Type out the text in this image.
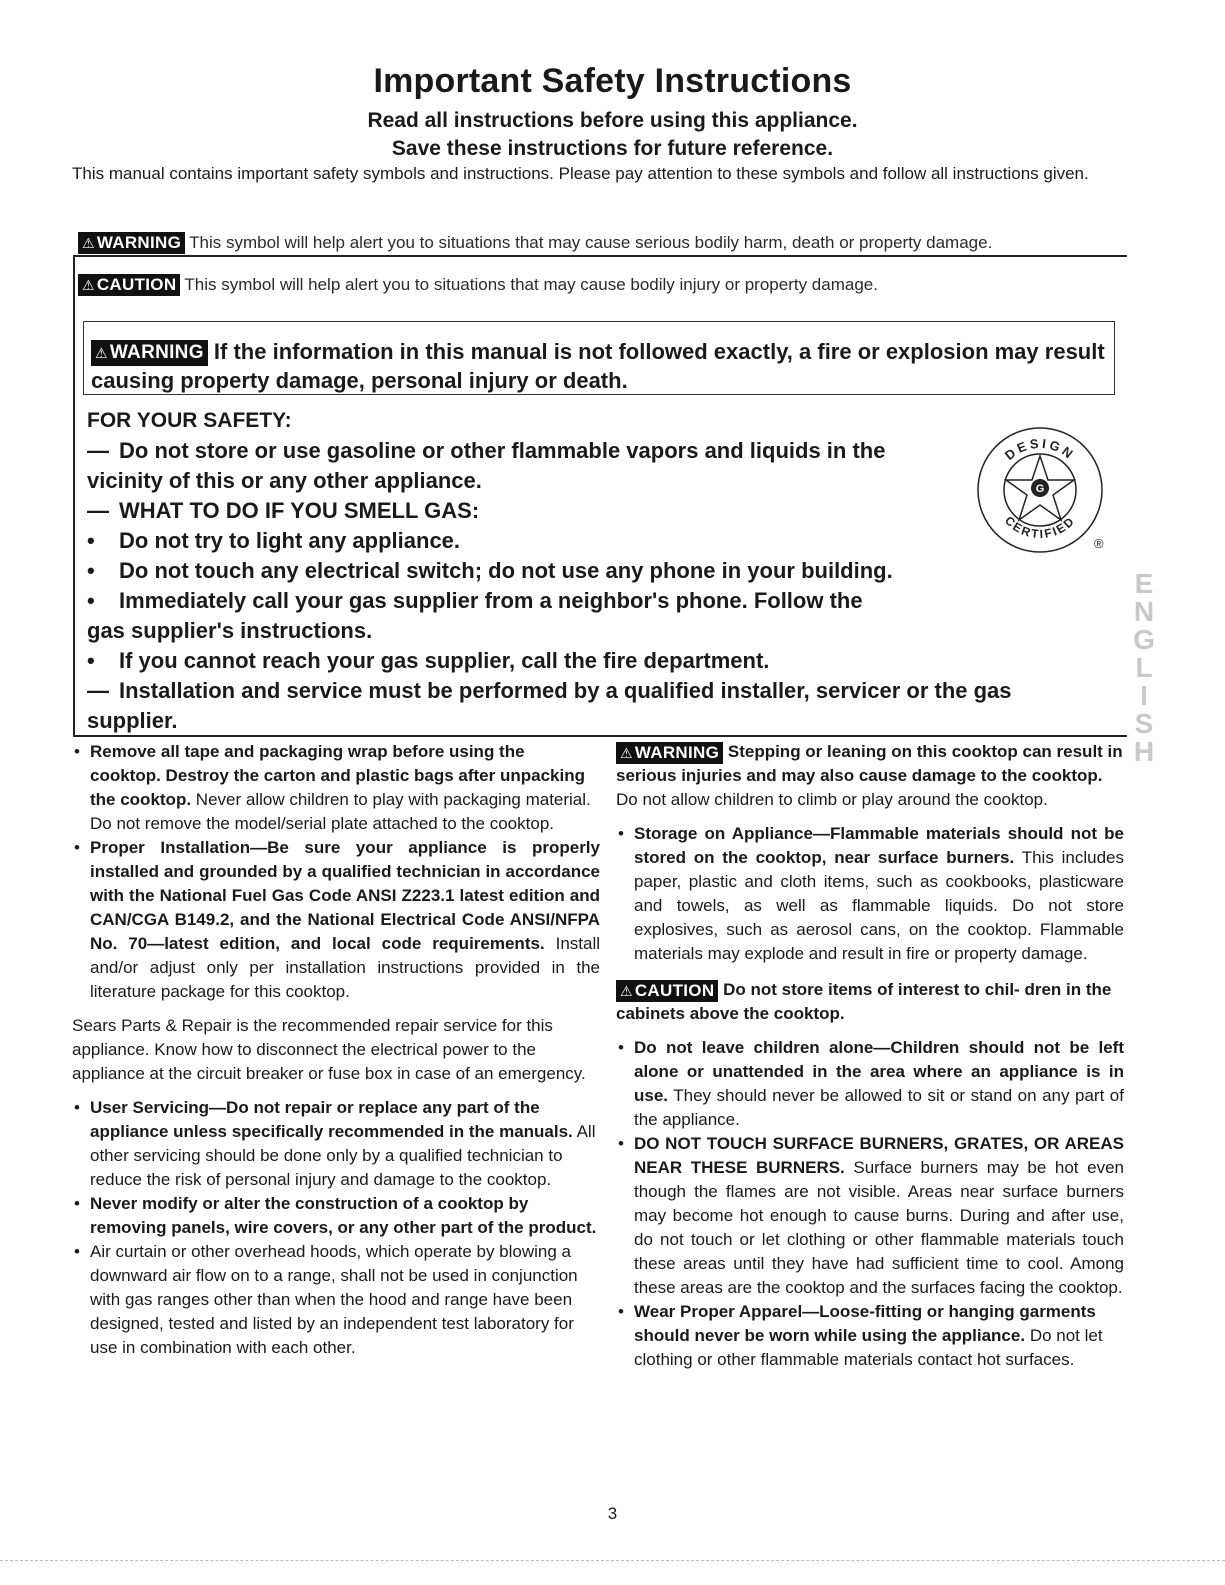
Important Safety Instructions
Read all instructions before using this appliance.
Save these instructions for future reference.
This manual contains important safety symbols and instructions. Please pay attention to these symbols and follow all instructions given.
⚠ WARNING This symbol will help alert you to situations that may cause serious bodily harm, death or property damage.
⚠ CAUTION This symbol will help alert you to situations that may cause bodily injury or property damage.
⚠ WARNING If the information in this manual is not followed exactly, a fire or explosion may result causing property damage, personal injury or death.
FOR YOUR SAFETY:
— Do not store or use gasoline or other flammable vapors and liquids in the
vicinity of this or any other appliance.
— WHAT TO DO IF YOU SMELL GAS:
• Do not try to light any appliance.
• Do not touch any electrical switch; do not use any phone in your building.
• Immediately call your gas supplier from a neighbor's phone. Follow the
gas supplier's instructions.
• If you cannot reach your gas supplier, call the fire department.
— Installation and service must be performed by a qualified installer, servicer or the gas
supplier.
G
DESIGN
CERTIFIED
®
E
N
G
L
I
S
H
• Remove all tape and packaging wrap before using the cooktop. Destroy the carton and plastic bags after unpacking the cooktop. Never allow children to play with packaging material. Do not remove the model/serial plate attached to the cooktop.
• Proper Installation—Be sure your appliance is properly installed and grounded by a qualified technician in accordance with the National Fuel Gas Code ANSI Z223.1 latest edition and CAN/CGA B149.2, and the National Electrical Code ANSI/NFPA No. 70—latest edition, and local code requirements. Install and/or adjust only per installation instructions provided in the literature package for this cooktop.
Sears Parts & Repair is the recommended repair service for this appliance. Know how to disconnect the electrical power to the appliance at the circuit breaker or fuse box in case of an emergency.
• User Servicing—Do not repair or replace any part of the appliance unless specifically recommended in the manuals. All other servicing should be done only by a qualified technician to reduce the risk of personal injury and damage to the cooktop.
• Never modify or alter the construction of a cooktop by removing panels, wire covers, or any other part of the product.
• Air curtain or other overhead hoods, which operate by blowing a downward air flow on to a range, shall not be used in conjunction with gas ranges other than when the hood and range have been designed, tested and listed by an independent test laboratory for use in combination with each other.
⚠ WARNING Stepping or leaning on this cooktop can result in serious injuries and may also cause damage to the cooktop. Do not allow children to climb or play around the cooktop.
• Storage on Appliance—Flammable materials should not be stored on the cooktop, near surface burners. This includes paper, plastic and cloth items, such as cookbooks, plasticware and towels, as well as flammable liquids. Do not store explosives, such as aerosol cans, on the cooktop. Flammable materials may explode and result in fire or property damage.
⚠ CAUTION Do not store items of interest to chil- dren in the cabinets above the cooktop.
• Do not leave children alone—Children should not be left alone or unattended in the area where an appliance is in use. They should never be allowed to sit or stand on any part of the appliance.
• DO NOT TOUCH SURFACE BURNERS, GRATES, OR AREAS NEAR THESE BURNERS. Surface burners may be hot even though the flames are not visible. Areas near surface burners may become hot enough to cause burns. During and after use, do not touch or let clothing or other flammable materials touch these areas until they have had sufficient time to cool. Among these areas are the cooktop and the surfaces facing the cooktop.
• Wear Proper Apparel—Loose-fitting or hanging garments should never be worn while using the appliance. Do not let clothing or other flammable materials contact hot surfaces.
3
